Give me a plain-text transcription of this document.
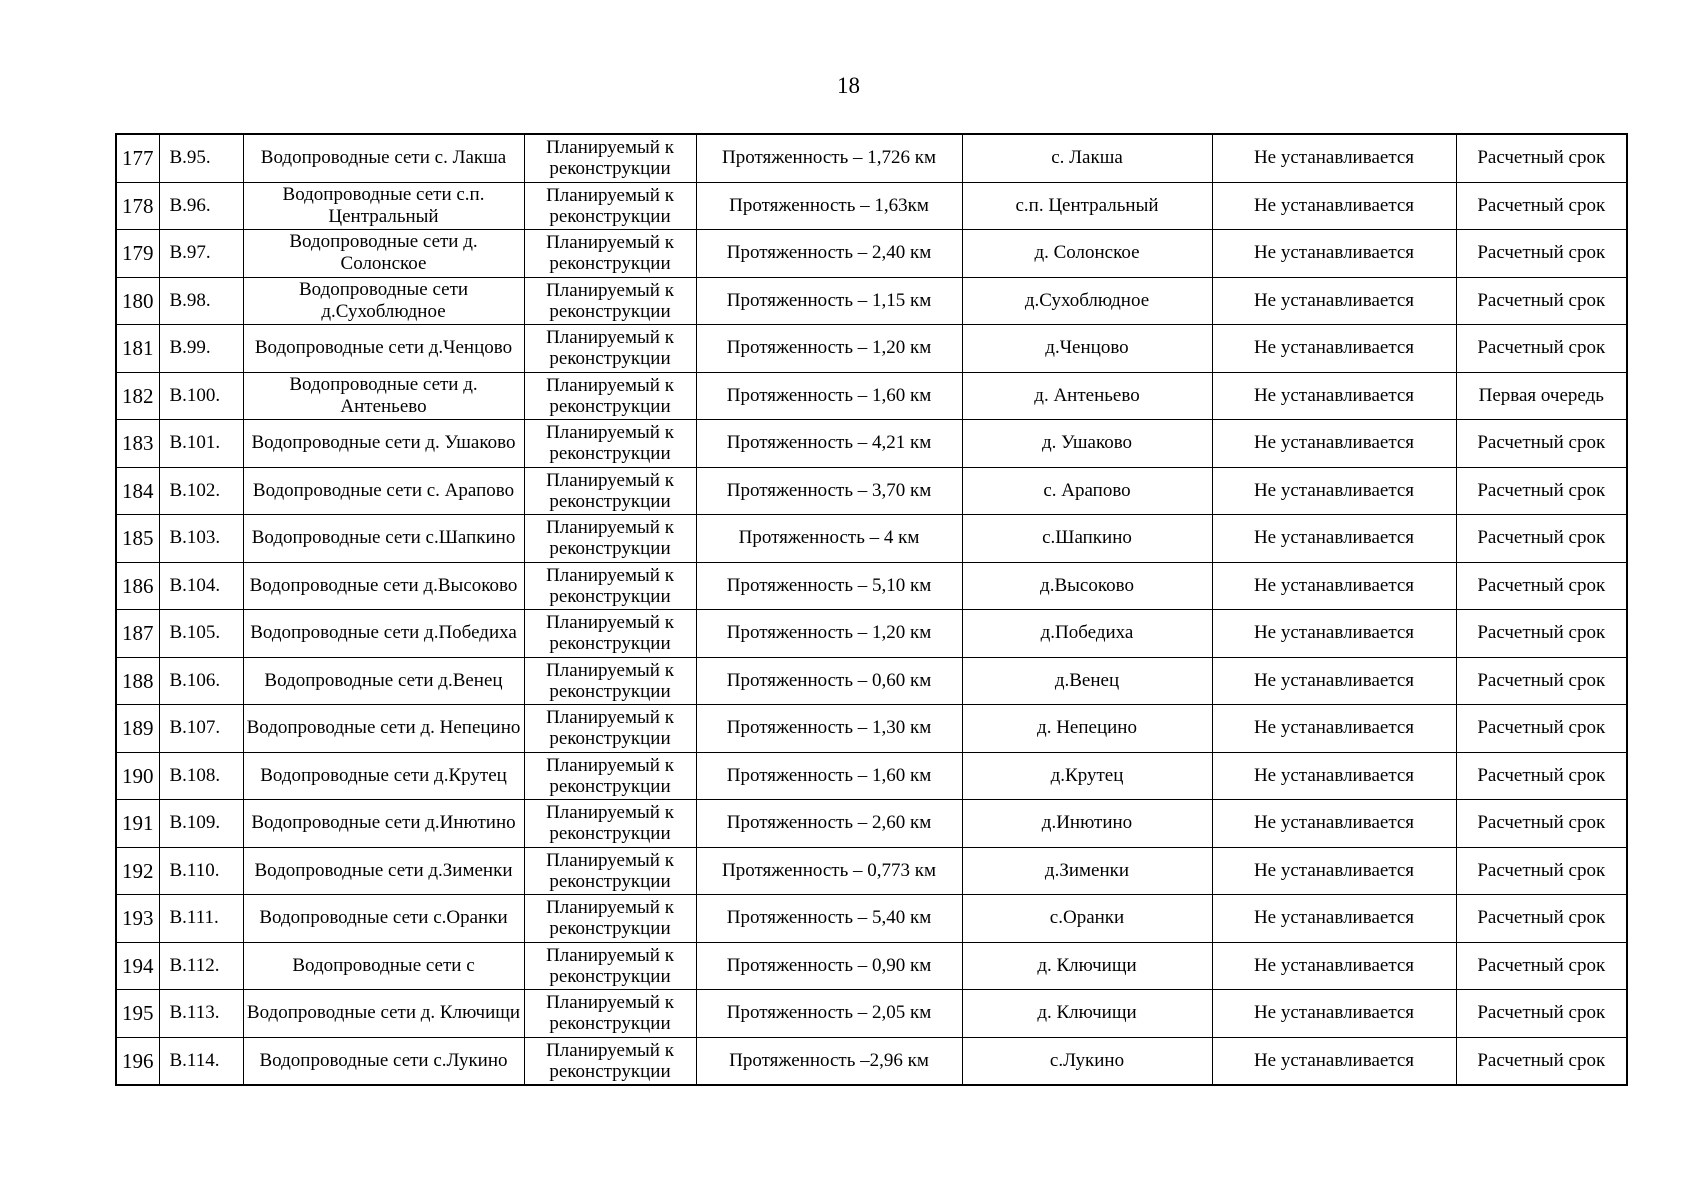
18
177	В.95.	Водопроводные сети с. Лакша	Планируемый к реконструкции	Протяженность – 1,726 км	с. Лакша	Не устанавливается	Расчетный срок
178	В.96.	Водопроводные сети с.п. Центральный	Планируемый к реконструкции	Протяженность – 1,63км	с.п. Центральный	Не устанавливается	Расчетный срок
179	В.97.	Водопроводные сети д. Солонское	Планируемый к реконструкции	Протяженность – 2,40 км	д. Солонское	Не устанавливается	Расчетный срок
180	В.98.	Водопроводные сети д.Сухоблюдное	Планируемый к реконструкции	Протяженность – 1,15 км	д.Сухоблюдное	Не устанавливается	Расчетный срок
181	В.99.	Водопроводные сети д.Ченцово	Планируемый к реконструкции	Протяженность – 1,20 км	д.Ченцово	Не устанавливается	Расчетный срок
182	В.100.	Водопроводные сети д. Антеньево	Планируемый к реконструкции	Протяженность – 1,60 км	д. Антеньево	Не устанавливается	Первая очередь
183	В.101.	Водопроводные сети д. Ушаково	Планируемый к реконструкции	Протяженность – 4,21 км	д. Ушаково	Не устанавливается	Расчетный срок
184	В.102.	Водопроводные сети с. Арапово	Планируемый к реконструкции	Протяженность – 3,70 км	с. Арапово	Не устанавливается	Расчетный срок
185	В.103.	Водопроводные сети с.Шапкино	Планируемый к реконструкции	Протяженность – 4 км	с.Шапкино	Не устанавливается	Расчетный срок
186	В.104.	Водопроводные сети д.Высоково	Планируемый к реконструкции	Протяженность – 5,10 км	д.Высоково	Не устанавливается	Расчетный срок
187	В.105.	Водопроводные сети д.Победиха	Планируемый к реконструкции	Протяженность – 1,20 км	д.Победиха	Не устанавливается	Расчетный срок
188	В.106.	Водопроводные сети д.Венец	Планируемый к реконструкции	Протяженность – 0,60 км	д.Венец	Не устанавливается	Расчетный срок
189	В.107.	Водопроводные сети д. Непецино	Планируемый к реконструкции	Протяженность – 1,30 км	д. Непецино	Не устанавливается	Расчетный срок
190	В.108.	Водопроводные сети д.Крутец	Планируемый к реконструкции	Протяженность – 1,60 км	д.Крутец	Не устанавливается	Расчетный срок
191	В.109.	Водопроводные сети д.Инютино	Планируемый к реконструкции	Протяженность – 2,60 км	д.Инютино	Не устанавливается	Расчетный срок
192	В.110.	Водопроводные сети д.Зименки	Планируемый к реконструкции	Протяженность – 0,773 км	д.Зименки	Не устанавливается	Расчетный срок
193	В.111.	Водопроводные сети с.Оранки	Планируемый к реконструкции	Протяженность – 5,40 км	с.Оранки	Не устанавливается	Расчетный срок
194	В.112.	Водопроводные сети с	Планируемый к реконструкции	Протяженность – 0,90 км	д. Ключищи	Не устанавливается	Расчетный срок
195	В.113.	Водопроводные сети д. Ключищи	Планируемый к реконструкции	Протяженность – 2,05 км	д. Ключищи	Не устанавливается	Расчетный срок
196	В.114.	Водопроводные сети с.Лукино	Планируемый к реконструкции	Протяженность –2,96 км	с.Лукино	Не устанавливается	Расчетный срок
